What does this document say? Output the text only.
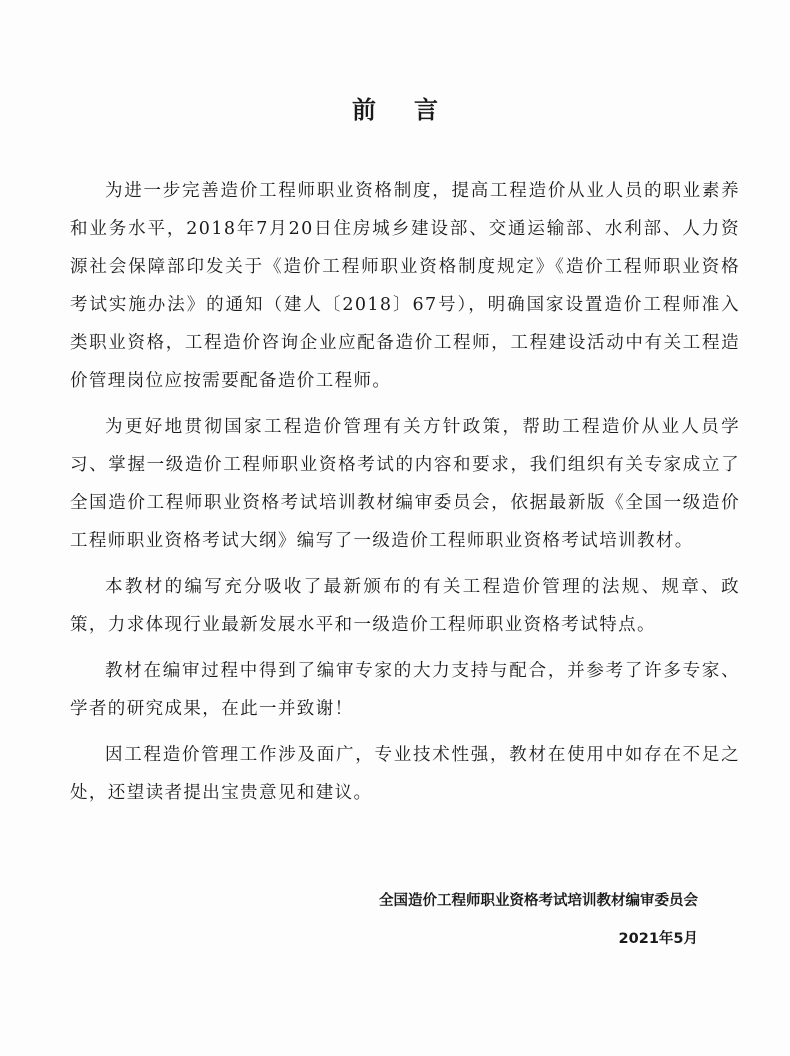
前言

为进一步完善造价工程师职业资格制度，提高工程造价从业人员的职业素养和业务水平，2018年7月20日住房城乡建设部、交通运输部、水利部、人力资源社会保障部印发关于《造价工程师职业资格制度规定》《造价工程师职业资格考试实施办法》的通知（建人〔2018〕67号），明确国家设置造价工程师准入类职业资格，工程造价咨询企业应配备造价工程师，工程建设活动中有关工程造价管理岗位应按需要配备造价工程师。

为更好地贯彻国家工程造价管理有关方针政策，帮助工程造价从业人员学习、掌握一级造价工程师职业资格考试的内容和要求，我们组织有关专家成立了全国造价工程师职业资格考试培训教材编审委员会，依据最新版《全国一级造价工程师职业资格考试大纲》编写了一级造价工程师职业资格考试培训教材。

本教材的编写充分吸收了最新颁布的有关工程造价管理的法规、规章、政策，力求体现行业最新发展水平和一级造价工程师职业资格考试特点。

教材在编审过程中得到了编审专家的大力支持与配合，并参考了许多专家、学者的研究成果，在此一并致谢！

因工程造价管理工作涉及面广，专业技术性强，教材在使用中如存在不足之处，还望读者提出宝贵意见和建议。

全国造价工程师职业资格考试培训教材编审委员会
2021年5月
